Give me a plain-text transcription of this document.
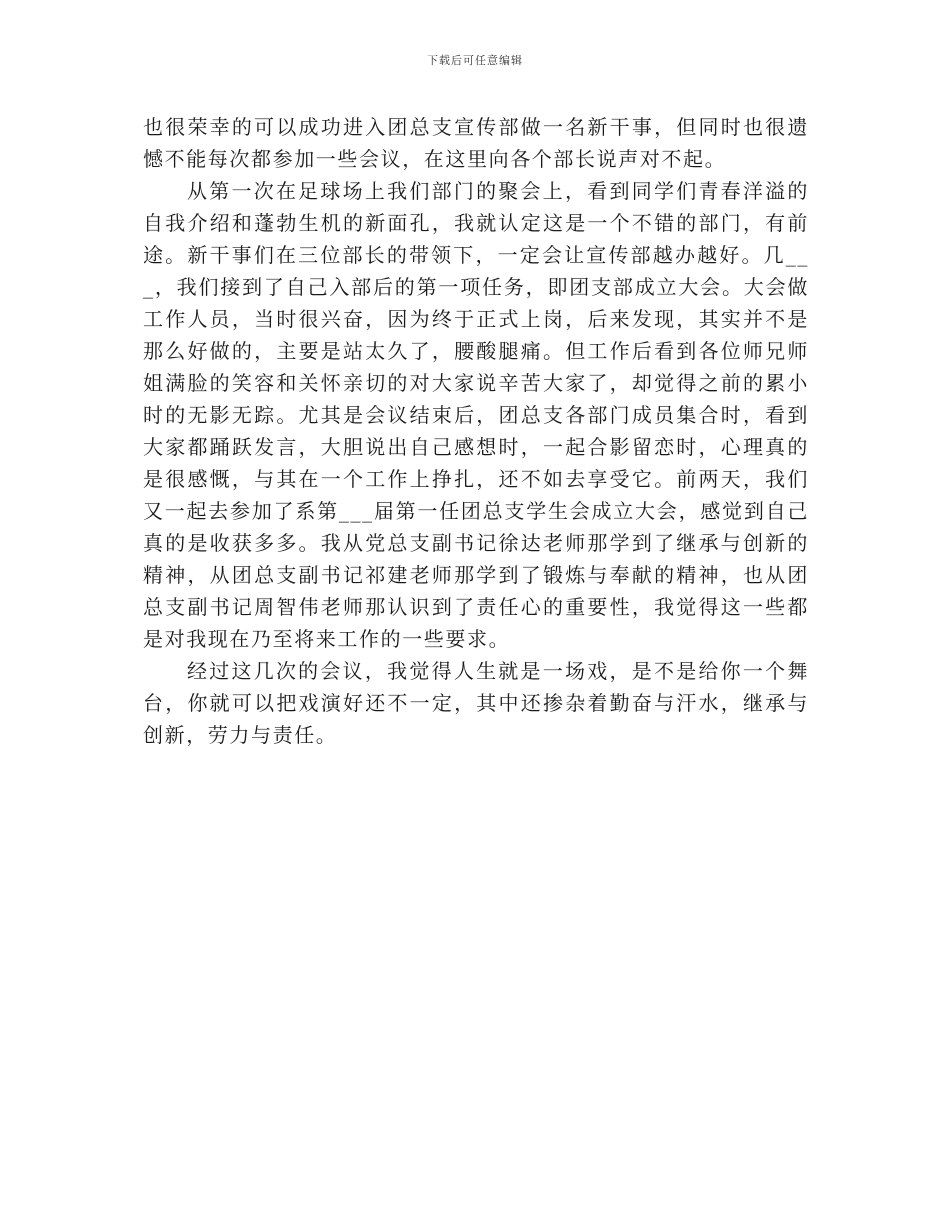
下载后可任意编辑

也很荣幸的可以成功进入团总支宣传部做一名新干事，但同时也很遗憾不能每次都参加一些会议，在这里向各个部长说声对不起。

从第一次在足球场上我们部门的聚会上，看到同学们青春洋溢的自我介绍和蓬勃生机的新面孔，我就认定这是一个不错的部门，有前途。新干事们在三位部长的带领下，一定会让宣传部越办越好。几___，我们接到了自己入部后的第一项任务，即团支部成立大会。大会做工作人员，当时很兴奋，因为终于正式上岗，后来发现，其实并不是那么好做的，主要是站太久了，腰酸腿痛。但工作后看到各位师兄师姐满脸的笑容和关怀亲切的对大家说辛苦大家了，却觉得之前的累小时的无影无踪。尤其是会议结束后，团总支各部门成员集合时，看到大家都踊跃发言，大胆说出自己感想时，一起合影留恋时，心理真的是很感慨，与其在一个工作上挣扎，还不如去享受它。前两天，我们又一起去参加了系第___届第一任团总支学生会成立大会，感觉到自己真的是收获多多。我从党总支副书记徐达老师那学到了继承与创新的精神，从团总支副书记祁建老师那学到了锻炼与奉献的精神，也从团总支副书记周智伟老师那认识到了责任心的重要性，我觉得这一些都是对我现在乃至将来工作的一些要求。

经过这几次的会议，我觉得人生就是一场戏，是不是给你一个舞台，你就可以把戏演好还不一定，其中还掺杂着勤奋与汗水，继承与创新，劳力与责任。
